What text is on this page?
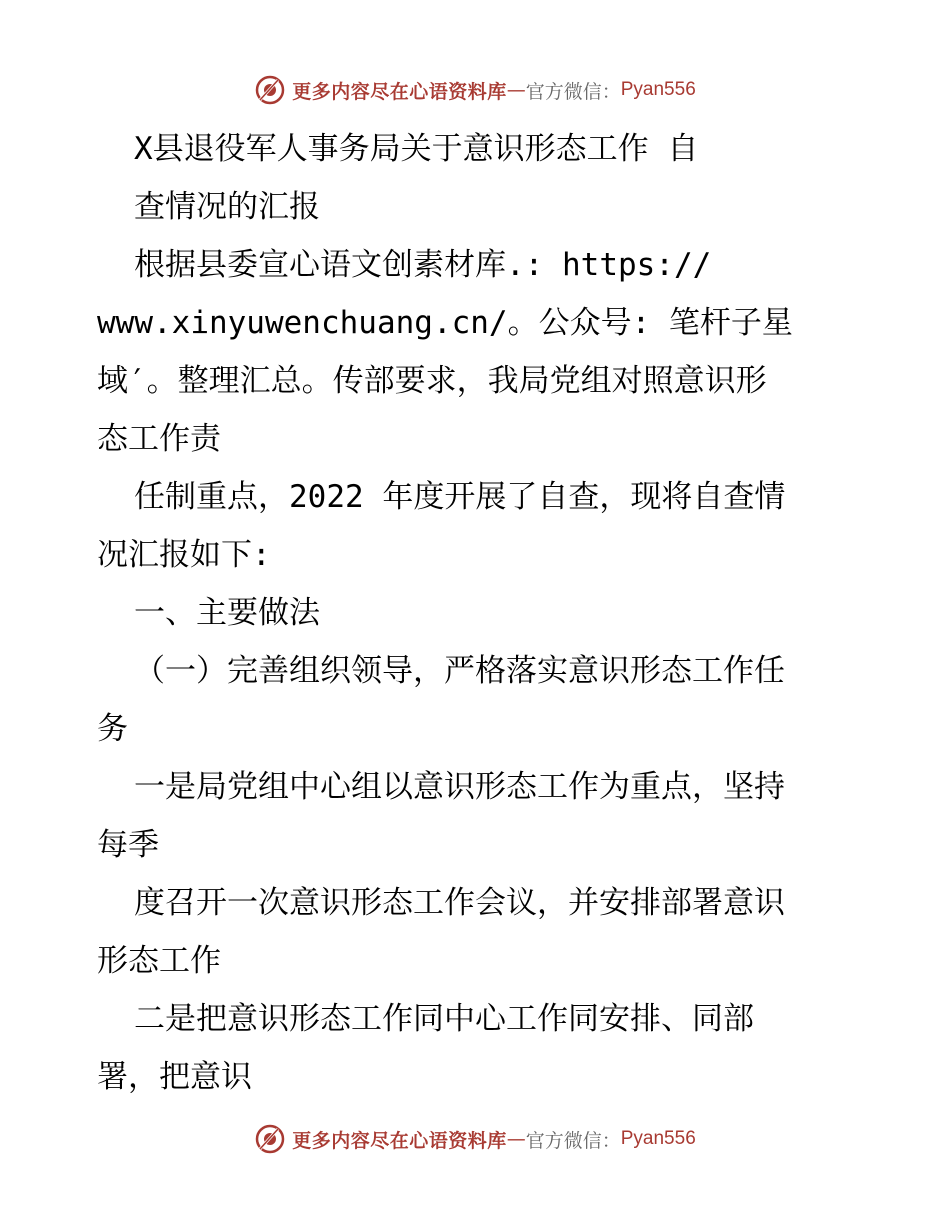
更多内容尽在心语资料库 — 官方微信： Pyan556
X县退役军人事务局关于意识形态工作 自
查情况的汇报
根据县委宣心语文创素材库.: https://
www.xinyuwenchuang.cn/。公众号: 笔杆子星
域′。整理汇总。传部要求，我局党组对照意识形
态工作责
任制重点，2022 年度开展了自查，现将自查情
况汇报如下:
一、主要做法
（一）完善组织领导，严格落实意识形态工作任
务
一是局党组中心组以意识形态工作为重点，坚持
每季
度召开一次意识形态工作会议，并安排部署意识
形态工作
二是把意识形态工作同中心工作同安排、同部
署，把意识
更多内容尽在心语资料库 — 官方微信： Pyan556
